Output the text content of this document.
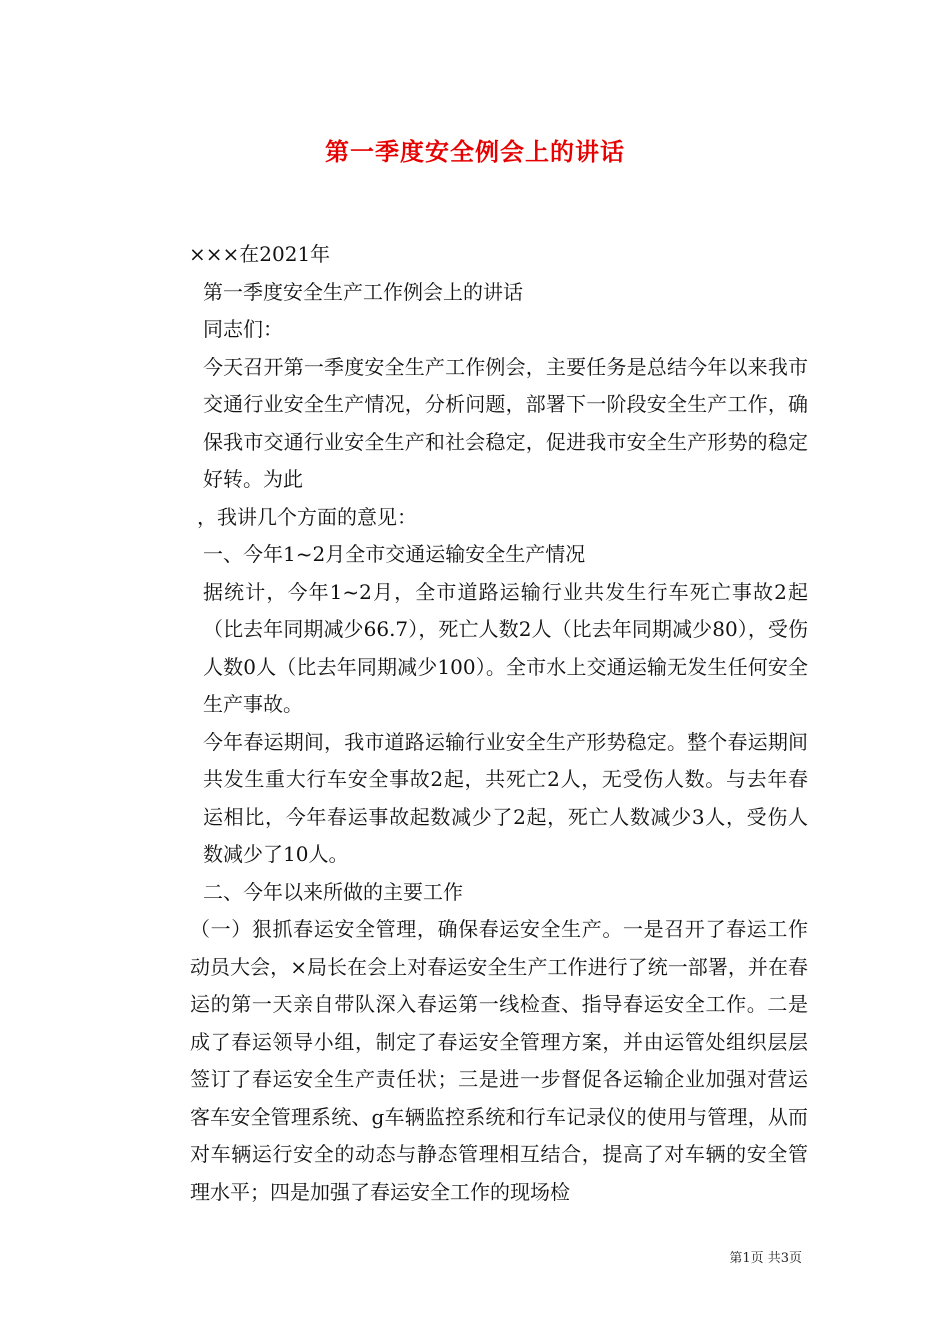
第一季度安全例会上的讲话

×××在2021年

第一季度安全生产工作例会上的讲话

同志们：

今天召开第一季度安全生产工作例会，主要任务是总结今年以来我市交通行业安全生产情况，分析问题，部署下一阶段安全生产工作，确保我市交通行业安全生产和社会稳定，促进我市安全生产形势的稳定好转。为此

，我讲几个方面的意见：

一、今年1~2月全市交通运输安全生产情况

据统计，今年1~2月，全市道路运输行业共发生行车死亡事故2起（比去年同期减少66.7），死亡人数2人（比去年同期减少80），受伤人数0人（比去年同期减少100）。全市水上交通运输无发生任何安全生产事故。

今年春运期间，我市道路运输行业安全生产形势稳定。整个春运期间共发生重大行车安全事故2起，共死亡2人，无受伤人数。与去年春运相比，今年春运事故起数减少了2起，死亡人数减少3人，受伤人数减少了10人。

二、今年以来所做的主要工作

（一）狠抓春运安全管理，确保春运安全生产。一是召开了春运工作动员大会，×局长在会上对春运安全生产工作进行了统一部署，并在春运的第一天亲自带队深入春运第一线检查、指导春运安全工作。二是成了春运领导小组，制定了春运安全管理方案，并由运管处组织层层签订了春运安全生产责任状；三是进一步督促各运输企业加强对营运客车安全管理系统、g车辆监控系统和行车记录仪的使用与管理，从而对车辆运行安全的动态与静态管理相互结合，提高了对车辆的安全管理水平；四是加强了春运安全工作的现场检

第1页 共3页
